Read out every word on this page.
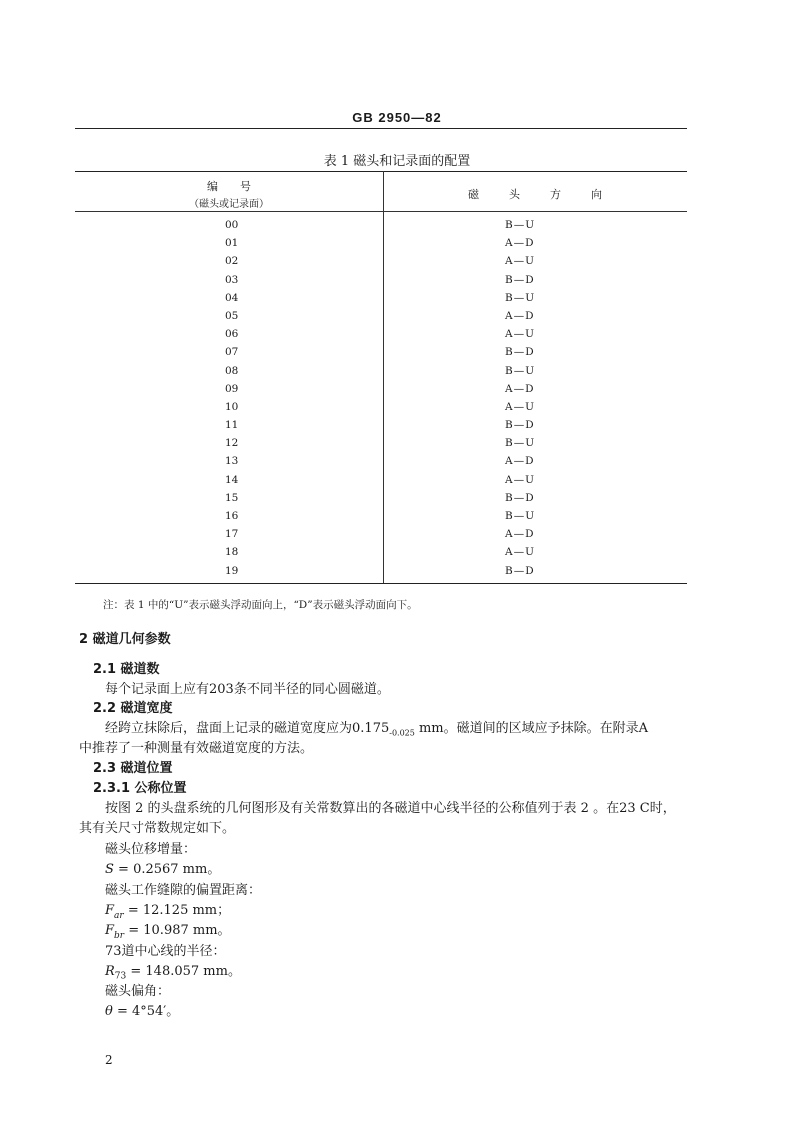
GB 2950—82
表 1 磁头和记录面的配置
编号
（磁头或记录面）
磁头方向
00	B—U
01	A—D
02	A—U
03	B—D
04	B—U
05	A—D
06	A—U
07	B—D
08	B—U
09	A—D
10	A—U
11	B—D
12	B—U
13	A—D
14	A—U
15	B—D
16	B—U
17	A—D
18	A—U
19	B—D
注：表 1 中的“U”表示磁头浮动面向上，“D”表示磁头浮动面向下。
2 磁道几何参数
2.1 磁道数
每个记录面上应有203条不同半径的同心圆磁道。
2.2 磁道宽度
经跨立抹除后，盘面上记录的磁道宽度应为$0.175_{-0.025}$ mm。磁道间的区域应予抹除。在附录A
中推荐了一种测量有效磁道宽度的方法。
2.3 磁道位置
2.3.1 公称位置
按图 2 的头盘系统的几何图形及有关常数算出的各磁道中心线半径的公称值列于表 2 。在23 C时，
其有关尺寸常数规定如下。
磁头位移增量：
S = 0.2567 mm。
磁头工作缝隙的偏置距离：
$F_{ar} = 12.125$ mm；
$F_{br} = 10.987$ mm。
73道中心线的半径：
$R_{73} = 148.057$ mm。
磁头偏角：
θ = 4°54′。
2
